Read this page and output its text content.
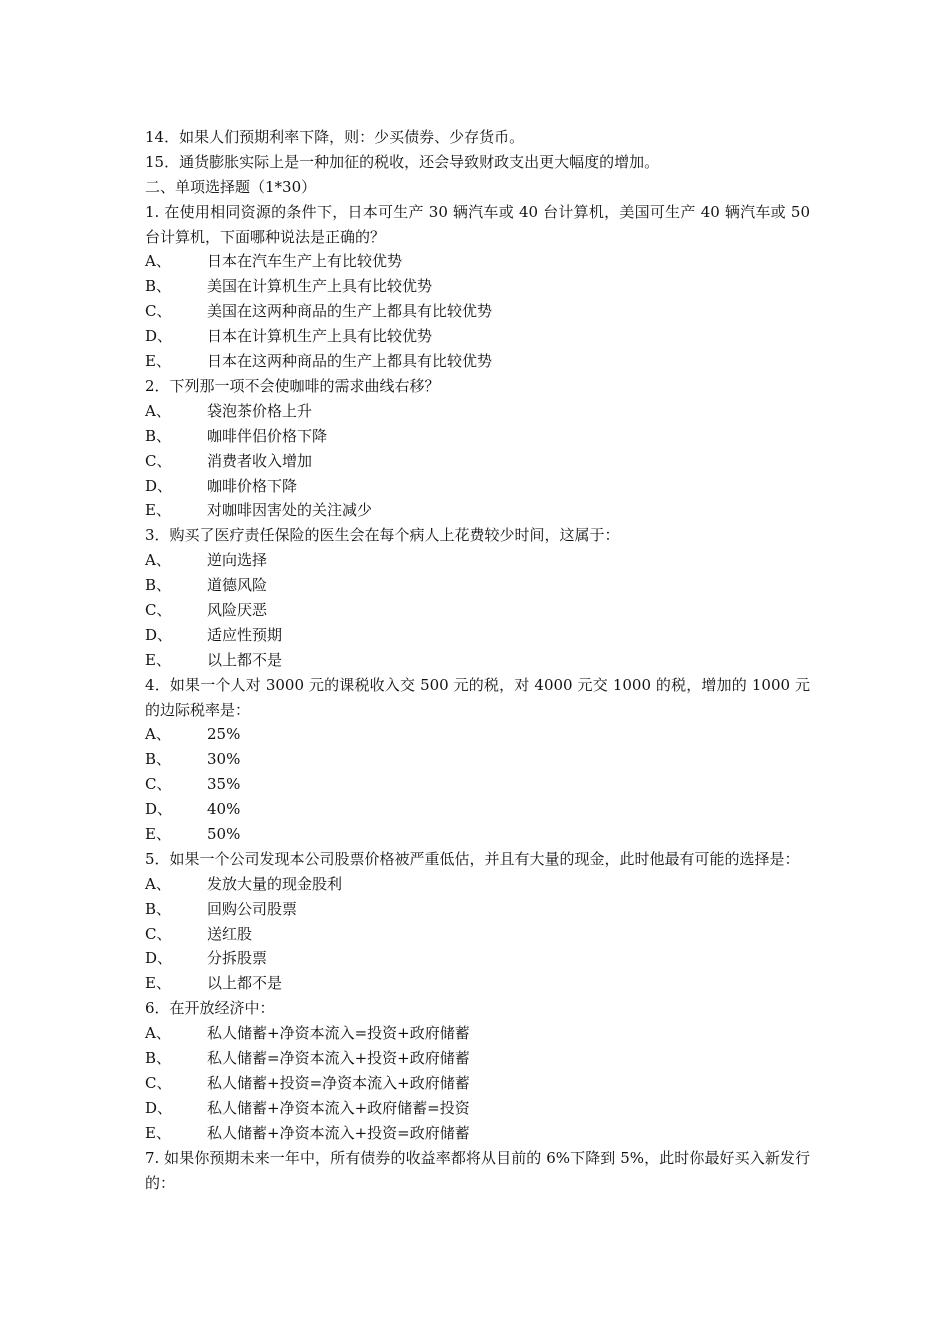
14．如果人们预期利率下降，则：少买债券、少存货币。
15．通货膨胀实际上是一种加征的税收，还会导致财政支出更大幅度的增加。
二、单项选择题（1*30）
1. 在使用相同资源的条件下，日本可生产 30 辆汽车或 40 台计算机，美国可生产 40 辆汽车或 50 台计算机，下面哪种说法是正确的？
A、	日本在汽车生产上有比较优势
B、	美国在计算机生产上具有比较优势
C、	美国在这两种商品的生产上都具有比较优势
D、	日本在计算机生产上具有比较优势
E、	日本在这两种商品的生产上都具有比较优势
2．下列那一项不会使咖啡的需求曲线右移？
A、	袋泡茶价格上升
B、	咖啡伴侣价格下降
C、	消费者收入增加
D、	咖啡价格下降
E、	对咖啡因害处的关注减少
3．购买了医疗责任保险的医生会在每个病人上花费较少时间，这属于：
A、	逆向选择
B、	道德风险
C、	风险厌恶
D、	适应性预期
E、	以上都不是
4．如果一个人对 3000 元的课税收入交 500 元的税，对 4000 元交 1000 的税，增加的 1000 元的边际税率是：
A、	25%
B、	30%
C、	35%
D、	40%
E、	50%
5．如果一个公司发现本公司股票价格被严重低估，并且有大量的现金，此时他最有可能的选择是：
A、	发放大量的现金股利
B、	回购公司股票
C、	送红股
D、	分拆股票
E、	以上都不是
6．在开放经济中：
A、	私人储蓄+净资本流入=投资+政府储蓄
B、	私人储蓄=净资本流入+投资+政府储蓄
C、	私人储蓄+投资=净资本流入+政府储蓄
D、	私人储蓄+净资本流入+政府储蓄=投资
E、	私人储蓄+净资本流入+投资=政府储蓄
7. 如果你预期未来一年中，所有债券的收益率都将从目前的 6%下降到 5%，此时你最好买入新发行的：
